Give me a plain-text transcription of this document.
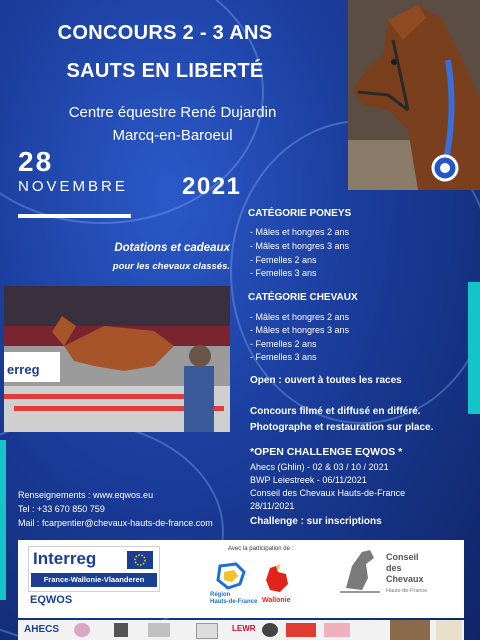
CONCOURS 2 - 3 ANS
SAUTS EN LIBERTÉ
Centre équestre René Dujardin
Marcq-en-Baroeul
28
NOVEMBRE 2021
Dotations et cadeaux
pour les chevaux classés.
erreg
CATÉGORIE PONEYS
- Mâles et hongres 2 ans
- Mâles et hongres 3 ans
- Femelles 2 ans
- Femelles 3 ans
CATÉGORIE CHEVAUX
- Mâles et hongres 2 ans
- Mâles et hongres 3 ans
- Femelles 2 ans
- Femelles 3 ans
Open : ouvert à toutes les races
Concours filmé et diffusé en différé.
Photographe et restauration sur place.
*OPEN CHALLENGE EQWOS *
Ahecs (Ghlin) - 02 & 03 / 10 / 2021
BWP Leiestreek - 06/11/2021
Conseil des Chevaux Hauts-de-France
28/11/2021
Challenge : sur inscriptions
Renseignements : www.eqwos.eu
Tel : +33 670 850 759
Mail : fcarpentier@chevaux-hauts-de-france.com
Interreg
France-Wallonie-Vlaanderen
EQWOS
Avec la participation de :
Région
Hauts-de-France Wallonie
Conseil
des
Chevaux
Hauts-de-France
AHECS	LEWR
